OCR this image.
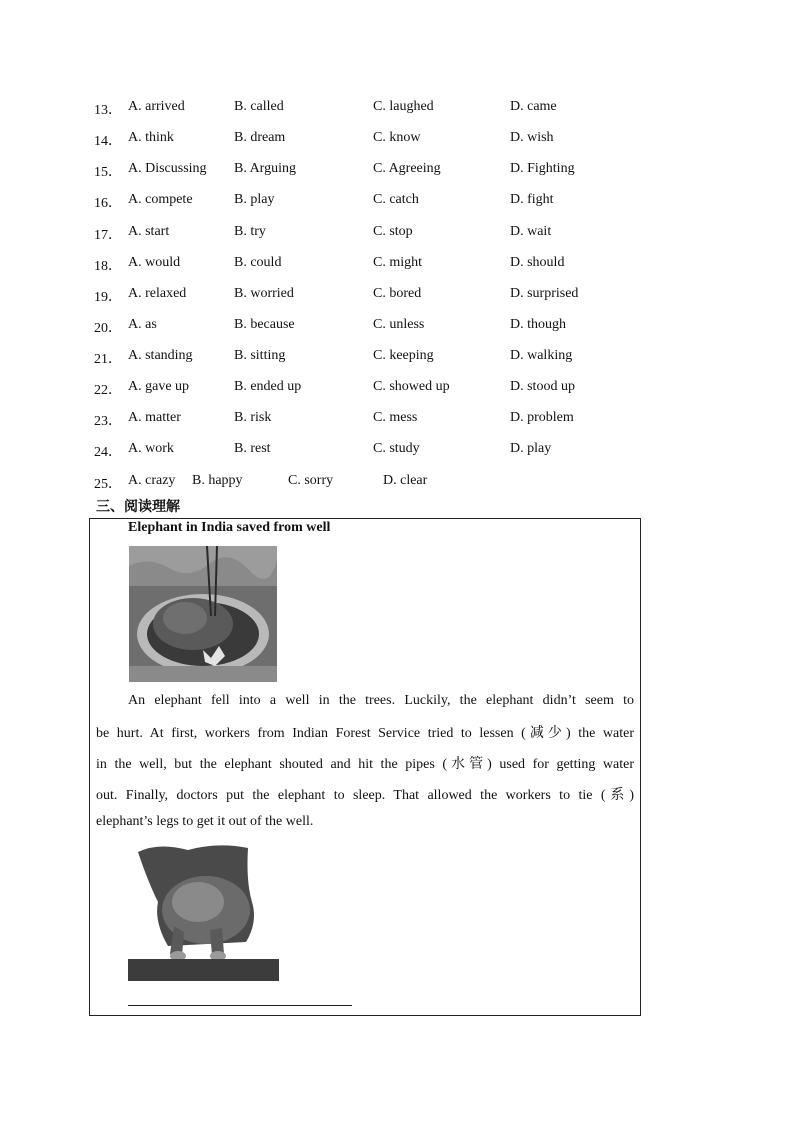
13． A. arrived	B. called	C. laughed	D. came
14． A. think	B. dream	C. know	D. wish
15． A. Discussing B. Arguing	C. Agreeing	D. Fighting
16． A. compete	B. play	C. catch	D. fight
17． A. start	B. try	C. stop	D. wait
18． A. would	B. could	C. might	D. should
19． A. relaxed	B. worried	C. bored	D. surprised
20． A. as	B. because	C. unless	D. though
21． A. standing	B. sitting	C. keeping	D. walking
22． A. gave up	B. ended up	C. showed up	D. stood up
23． A. matter	B. risk	C. mess	D. problem
24． A. work	B. rest	C. study	D. play
25． A. crazy B. happy	C. sorry	D. clear
三、阅读理解
Elephant in India saved from well
An elephant fell into a well in the trees. Luckily, the elephant didn’t seem to
be hurt. At first, workers from Indian Forest Service tried to lessen (减少) the water
in the well, but the elephant shouted and hit the pipes (水管) used for getting water
out. Finally, doctors put the elephant to sleep. That allowed the workers to tie (系)
elephant’s legs to get it out of the well.
